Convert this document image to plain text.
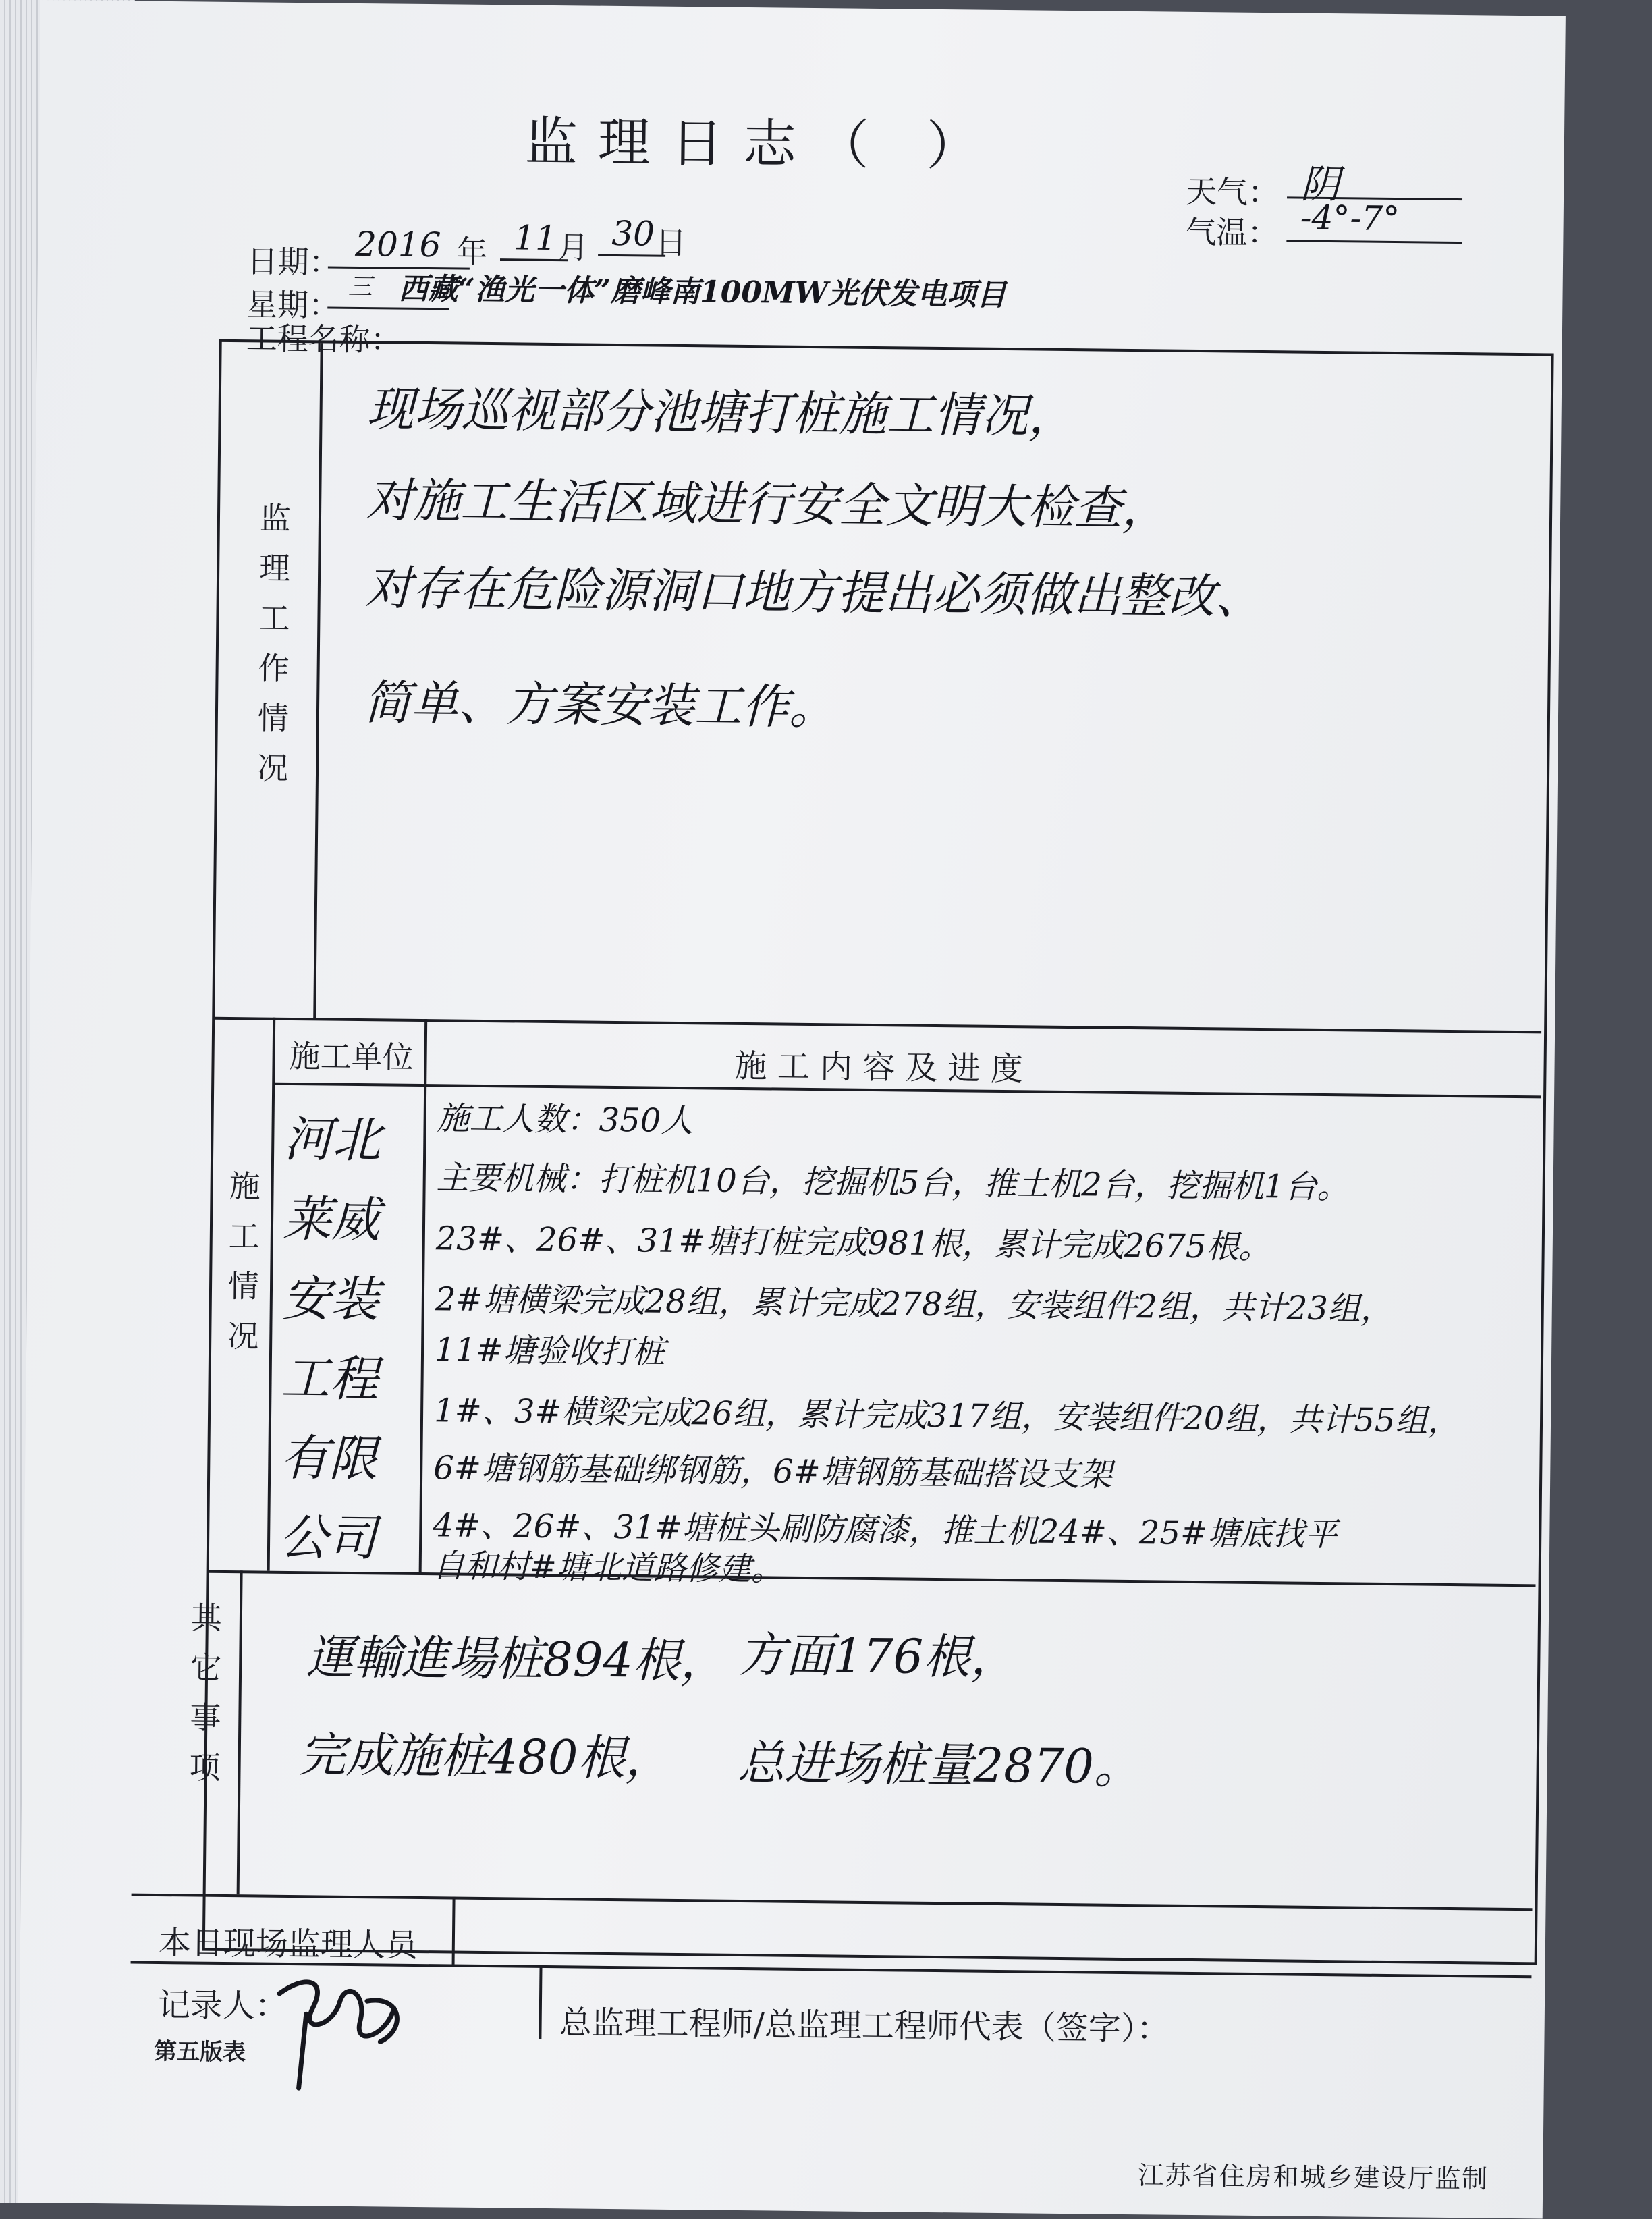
监理日志（ ）
天气： 阴
气温： -4°-7°
日期： 2016 年 11 月 30 日
星期： 三
工程名称：
西藏“渔光一体”磨峰南100MW光伏发电项目
监理工作情况
现场巡视部分池塘打桩施工情况，
对施工生活区域进行安全文明大检查，
对存在危险源洞口地方提出必须做出整改、
简单、方案安装工作。
施工情况
施工单位	施 工 内 容 及 进 度
河北莱威安装工程有限公司
施工人数：350人
主要机械：打桩机10台，挖掘机5台，推土机2台，挖掘机1台。
23#、26#、31#塘打桩完成981根，累计完成2675根。
2#塘横梁完成28组，累计完成278组，安装组件2组，共计23组，
11#塘验收打桩
1#、3#横梁完成26组，累计完成317组，安装组件20组，共计55组，
6#塘钢筋基础绑钢筋，6#塘钢筋基础搭设支架
4#、26#、31#塘桩头刷防腐漆，推土机24#、25#塘底找平
自和村#塘北道路修建。
其它事项 運輸進場桩894根， 方面176根，
完成施桩480根， 总进场桩量2870。
本日现场监理人员
记录人：	总监理工程师/总监理工程师代表（签字）：
第五版表
江苏省住房和城乡建设厅监制
